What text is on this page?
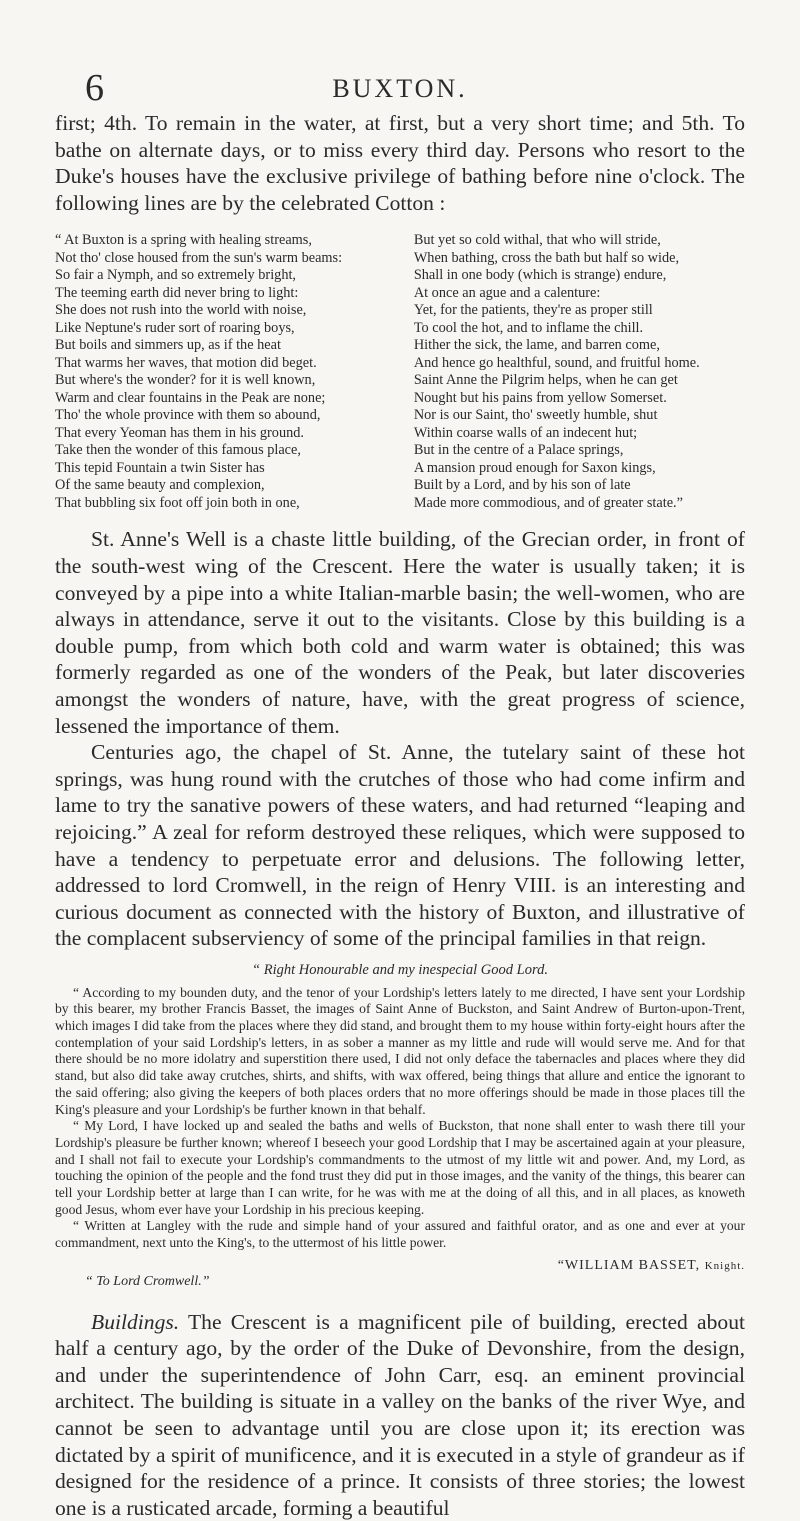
6	BUXTON.

first; 4th. To remain in the water, at first, but a very short time; and 5th. To bathe on alternate days, or to miss every third day. Persons who resort to the Duke's houses have the exclusive privilege of bathing before nine o'clock. The following lines are by the celebrated Cotton :

“ At Buxton is a spring with healing streams,
Not tho' close housed from the sun's warm beams:
So fair a Nymph, and so extremely bright,
The teeming earth did never bring to light:
She does not rush into the world with noise,
Like Neptune's ruder sort of roaring boys,
But boils and simmers up, as if the heat
That warms her waves, that motion did beget.
But where's the wonder? for it is well known,
Warm and clear fountains in the Peak are none;
Tho' the whole province with them so abound,
That every Yeoman has them in his ground.
Take then the wonder of this famous place,
This tepid Fountain a twin Sister has
Of the same beauty and complexion,
That bubbling six foot off join both in one,
But yet so cold withal, that who will stride,
When bathing, cross the bath but half so wide,
Shall in one body (which is strange) endure,
At once an ague and a calenture:
Yet, for the patients, they're as proper still
To cool the hot, and to inflame the chill.
Hither the sick, the lame, and barren come,
And hence go healthful, sound, and fruitful home.
Saint Anne the Pilgrim helps, when he can get
Nought but his pains from yellow Somerset.
Nor is our Saint, tho' sweetly humble, shut
Within coarse walls of an indecent hut;
But in the centre of a Palace springs,
A mansion proud enough for Saxon kings,
Built by a Lord, and by his son of late
Made more commodious, and of greater state.”

St. Anne's Well is a chaste little building, of the Grecian order, in front of the south-west wing of the Crescent. Here the water is usually taken; it is conveyed by a pipe into a white Italian-marble basin; the well-women, who are always in attendance, serve it out to the visitants. Close by this building is a double pump, from which both cold and warm water is obtained; this was formerly regarded as one of the wonders of the Peak, but later discoveries amongst the wonders of nature, have, with the great progress of science, lessened the importance of them.

Centuries ago, the chapel of St. Anne, the tutelary saint of these hot springs, was hung round with the crutches of those who had come infirm and lame to try the sanative powers of these waters, and had returned “leaping and rejoicing.” A zeal for reform destroyed these reliques, which were supposed to have a tendency to perpetuate error and delusions. The following letter, addressed to lord Cromwell, in the reign of Henry VIII. is an interesting and curious document as connected with the history of Buxton, and illustrative of the complacent subserviency of some of the principal families in that reign.

“ Right Honourable and my inespecial Good Lord.

“ According to my bounden duty, and the tenor of your Lordship's letters lately to me directed, I have sent your Lordship by this bearer, my brother Francis Basset, the images of Saint Anne of Buckston, and Saint Andrew of Burton-upon-Trent, which images I did take from the places where they did stand, and brought them to my house within forty-eight hours after the contemplation of your said Lordship's letters, in as sober a manner as my little and rude will would serve me. And for that there should be no more idolatry and superstition there used, I did not only deface the tabernacles and places where they did stand, but also did take away crutches, shirts, and shifts, with wax offered, being things that allure and entice the ignorant to the said offering; also giving the keepers of both places orders that no more offerings should be made in those places till the King's pleasure and your Lordship's be further known in that behalf.

“ My Lord, I have locked up and sealed the baths and wells of Buckston, that none shall enter to wash there till your Lordship's pleasure be further known; whereof I beseech your good Lordship that I may be ascertained again at your pleasure, and I shall not fail to execute your Lordship's commandments to the utmost of my little wit and power. And, my Lord, as touching the opinion of the people and the fond trust they did put in those images, and the vanity of the things, this bearer can tell your Lordship better at large than I can write, for he was with me at the doing of all this, and in all places, as knoweth good Jesus, whom ever have your Lordship in his precious keeping.

“ Written at Langley with the rude and simple hand of your assured and faithful orator, and as one and ever at your commandment, next unto the King's, to the uttermost of his little power.

“ To Lord Cromwell.”
“WILLIAM BASSET, Knight.

Buildings. The Crescent is a magnificent pile of building, erected about half a century ago, by the order of the Duke of Devonshire, from the design, and under the superintendence of John Carr, esq. an eminent provincial architect. The building is situate in a valley on the banks of the river Wye, and cannot be seen to advantage until you are close upon it; its erection was dictated by a spirit of munificence, and it is executed in a style of grandeur as if designed for the residence of a prince. It consists of three stories; the lowest one is a rusticated arcade, forming a beautiful
